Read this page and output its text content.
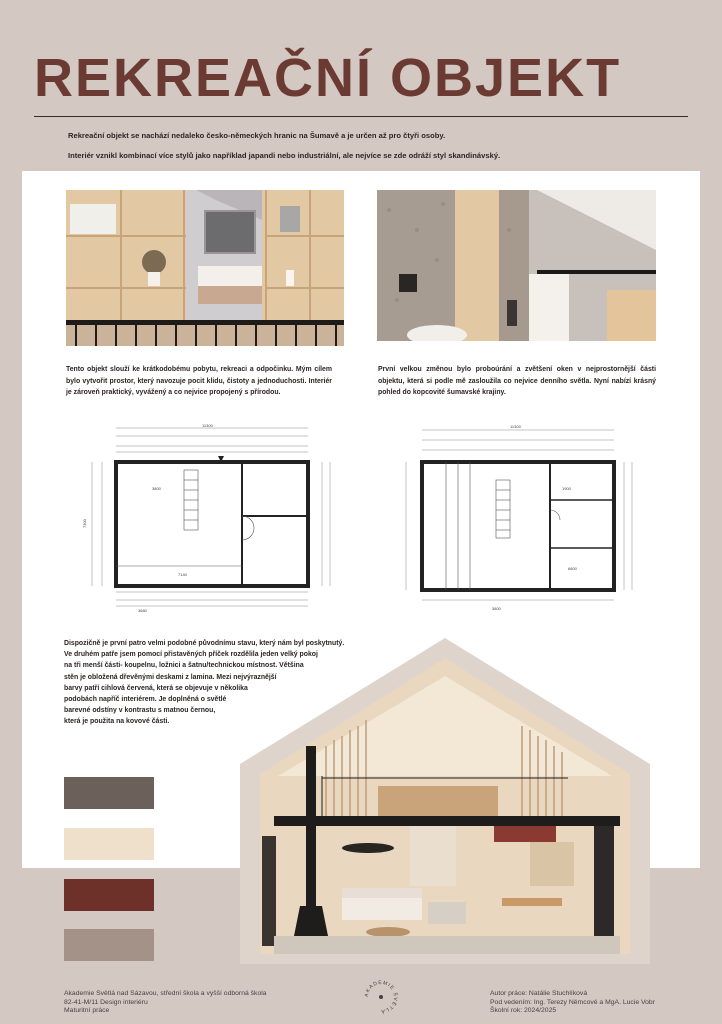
REKREAČNÍ OBJEKT
Rekreační objekt se nachází nedaleko česko-německých hranic na Šumavě a je určen až pro čtyři osoby.
Interiér vznikl kombinací více stylů jako například japandi nebo industriální, ale nejvíce se zde odráží styl skandinávský.
Tento objekt slouží ke krátkodobému pobytu, rekreaci a odpočinku. Mým cílem bylo vytvořit prostor, který navozuje pocit klidu, čistoty a jednoduchosti. Interiér je zároveň praktický, vyvážený a co nejvice propojený s přírodou.
První velkou změnou bylo proboúrání a zvětšení oken v nejprostornější části objektu, která si podle mě zasloužila co nejvice denního světla. Nyní nabízí krásný pohled do kopcovité šumavské krajiny.
11300
3800
7140
3680
7300
11300
3800
1900
6800
Dispozičně je první patro velmi podobné původnímu stavu, který nám byl poskytnutý.
Ve druhém patře jsem pomocí přistavěných příček rozdělila jeden velký pokoj
na tři menší části- koupelnu, ložnici a šatnu/technickou místnost. Většina
stěn je obložená dřevěnými deskami z lamina. Mezi nejvýraznější
barvy patří cihlová červená, která se objevuje v několika
podobách napříč interiérem. Je doplněná o světlé
barevné odstíny v kontrastu s matnou černou,
která je použita na kovové části.
Akademie Světlá nad Sázavou, střední škola a vyšší odborná škola
82-41-M/11 Design interiéru
Maturitní práce
AKADEMIE ŠVĚTLÁ
Autor práce: Natálie Stuchlíková
Pod vedením: Ing. Terezy Němcové a MgA. Lucie Vobr
Školní rok: 2024/2025
